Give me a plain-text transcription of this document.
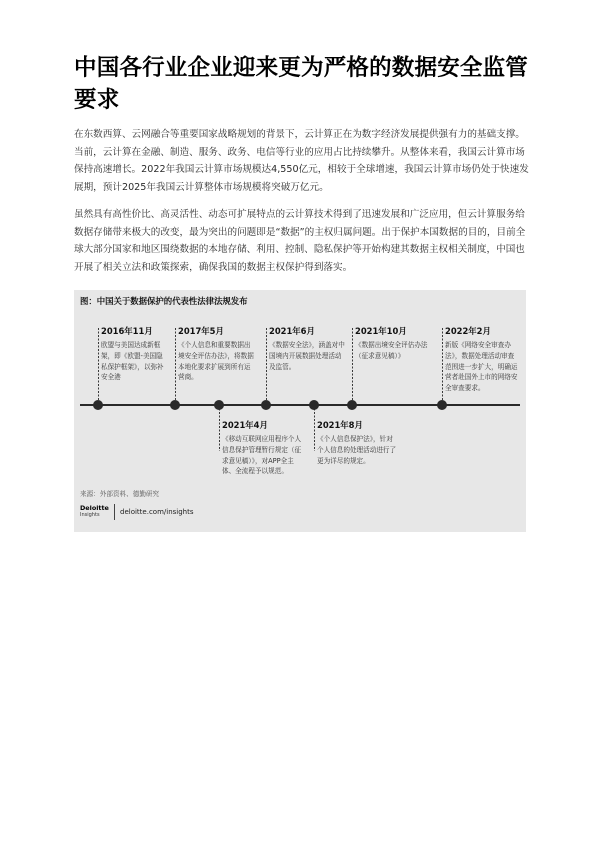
中国各行业企业迎来更为严格的数据安全监管要求

在东数西算、云网融合等重要国家战略规划的背景下，云计算正在为数字经济发展提供强有力的基础支撑。当前，云计算在金融、制造、服务、政务、电信等行业的应用占比持续攀升。从整体来看，我国云计算市场保持高速增长。2022年我国云计算市场规模达4,550亿元，相较于全球增速，我国云计算市场仍处于快速发展期，预计2025年我国云计算整体市场规模将突破万亿元。

虽然具有高性价比、高灵活性、动态可扩展特点的云计算技术得到了迅速发展和广泛应用，但云计算服务给数据存储带来极大的改变，最为突出的问题即是“数据”的主权归属问题。出于保护本国数据的目的，目前全球大部分国家和地区围绕数据的本地存储、利用、控制、隐私保护等开始构建其数据主权相关制度，中国也开展了相关立法和政策探索，确保我国的数据主权保护得到落实。

图：中国关于数据保护的代表性法律法规发布
2016年11月
欧盟与美国达成新框架，即《欧盟-美国隐私保护框架》，以弥补安全港
2017年5月
《个人信息和重要数据出境安全评估办法》，将数据本地化要求扩展到所有运营商。
2021年4月
《移动互联网应用程序个人信息保护管理暂行规定（征求意见稿）》，对APP全主体、全流程予以规范。
2021年6月
《数据安全法》，涵盖对中国境内开展数据处理活动及监管。
2021年8月
《个人信息保护法》，针对个人信息的处理活动进行了更为详尽的规定。
2021年10月
《数据出境安全评估办法（征求意见稿）》
2022年2月
新版《网络安全审查办法》，数据处理活动审查范围进一步扩大，明确运营者赴国外上市的网络安全审查要求。
来源：外部资料、德勤研究
Deloitte
Insights	deloitte.com/insights
